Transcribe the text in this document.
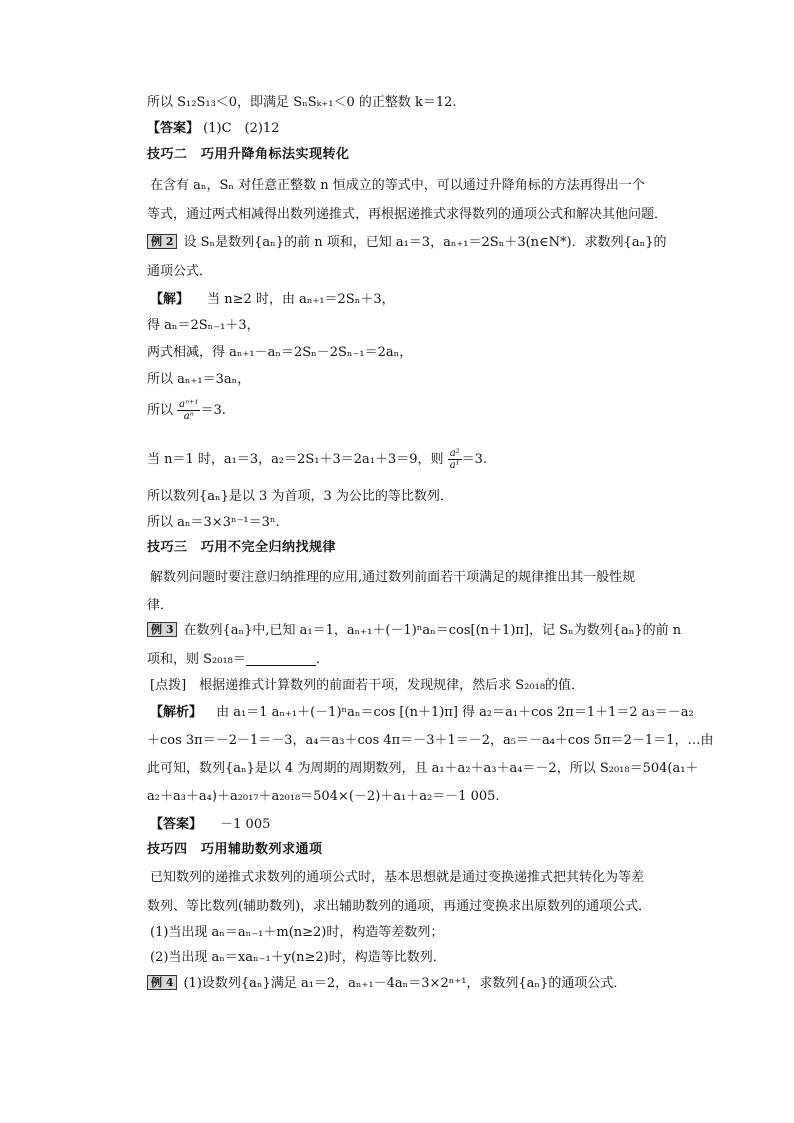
所以 S₁₂S₁₃＜0，即满足 SₙSₖ₊₁＜0 的正整数 k＝12.
【答案】 (1)C　(2)12
技巧二　巧用升降角标法实现转化
在含有 aₙ，Sₙ 对任意正整数 n 恒成立的等式中，可以通过升降角标的方法再得出一个
等式，通过两式相减得出数列递推式，再根据递推式求得数列的通项公式和解决其他问题．
例 2 设 Sₙ是数列{aₙ}的前 n 项和，已知 a₁＝3，aₙ₊₁＝2Sₙ＋3(n∈N*)．求数列{aₙ}的
通项公式．
【解】 当 n≥2 时，由 aₙ₊₁＝2Sₙ＋3，
得 aₙ＝2Sₙ₋₁＋3，
两式相减，得 aₙ₊₁－aₙ＝2Sₙ－2Sₙ₋₁＝2aₙ，
所以 aₙ₊₁＝3aₙ，
所以 $\frac{\text{aⁿ⁺¹}}{\text{aⁿ}} =3$.
当 n＝1 时，a₁＝3，a₂＝2S₁＋3＝2a₁＋3＝9，则 $\frac{\text{a²}}{\text{a¹}} =3$.
所以数列{aₙ}是以 3 为首项，3 为公比的等比数列．
所以 aₙ＝3×3ⁿ⁻¹＝3ⁿ.
技巧三　巧用不完全归纳找规律
解数列问题时要注意归纳推理的应用,通过数列前面若干项满足的规律推出其一般性规
律．
例 3 在数列{aₙ}中,已知 a₁＝1，aₙ₊₁＋(－1)ⁿaₙ＝cos[(n＋1)π]，记 Sₙ为数列{aₙ}的前 n
项和，则 S₂₀₁₈＝	．
[点拨]　根据递推式计算数列的前面若干项，发现规律，然后求 S₂₀₁₈的值．
【解析】 由 a₁＝1 aₙ₊₁＋(－1)ⁿaₙ＝cos [(n＋1)π] 得 a₂＝a₁＋cos 2π＝1＋1＝2 a₃＝－a₂
＋cos 3π＝－2－1＝－3，a₄＝a₃＋cos 4π＝－3＋1＝－2，a₅＝－a₄＋cos 5π＝2－1＝1，…由
此可知，数列{aₙ}是以 4 为周期的周期数列，且 a₁＋a₂＋a₃＋a₄＝－2，所以 S₂₀₁₈＝504(a₁＋
a₂＋a₃＋a₄)＋a₂₀₁₇＋a₂₀₁₈＝504×(－2)＋a₁＋a₂＝－1 005.
【答案】 －1 005
技巧四　巧用辅助数列求通项
已知数列的递推式求数列的通项公式时，基本思想就是通过变换递推式把其转化为等差
数列、等比数列(辅助数列)，求出辅助数列的通项，再通过变换求出原数列的通项公式．
(1)当出现 aₙ＝aₙ₋₁＋m(n≥2)时，构造等差数列；
(2)当出现 aₙ＝xaₙ₋₁＋y(n≥2)时，构造等比数列．
例 4 (1)设数列{aₙ}满足 a₁＝2，aₙ₊₁－4aₙ＝3×2ⁿ⁺¹，求数列{aₙ}的通项公式．
